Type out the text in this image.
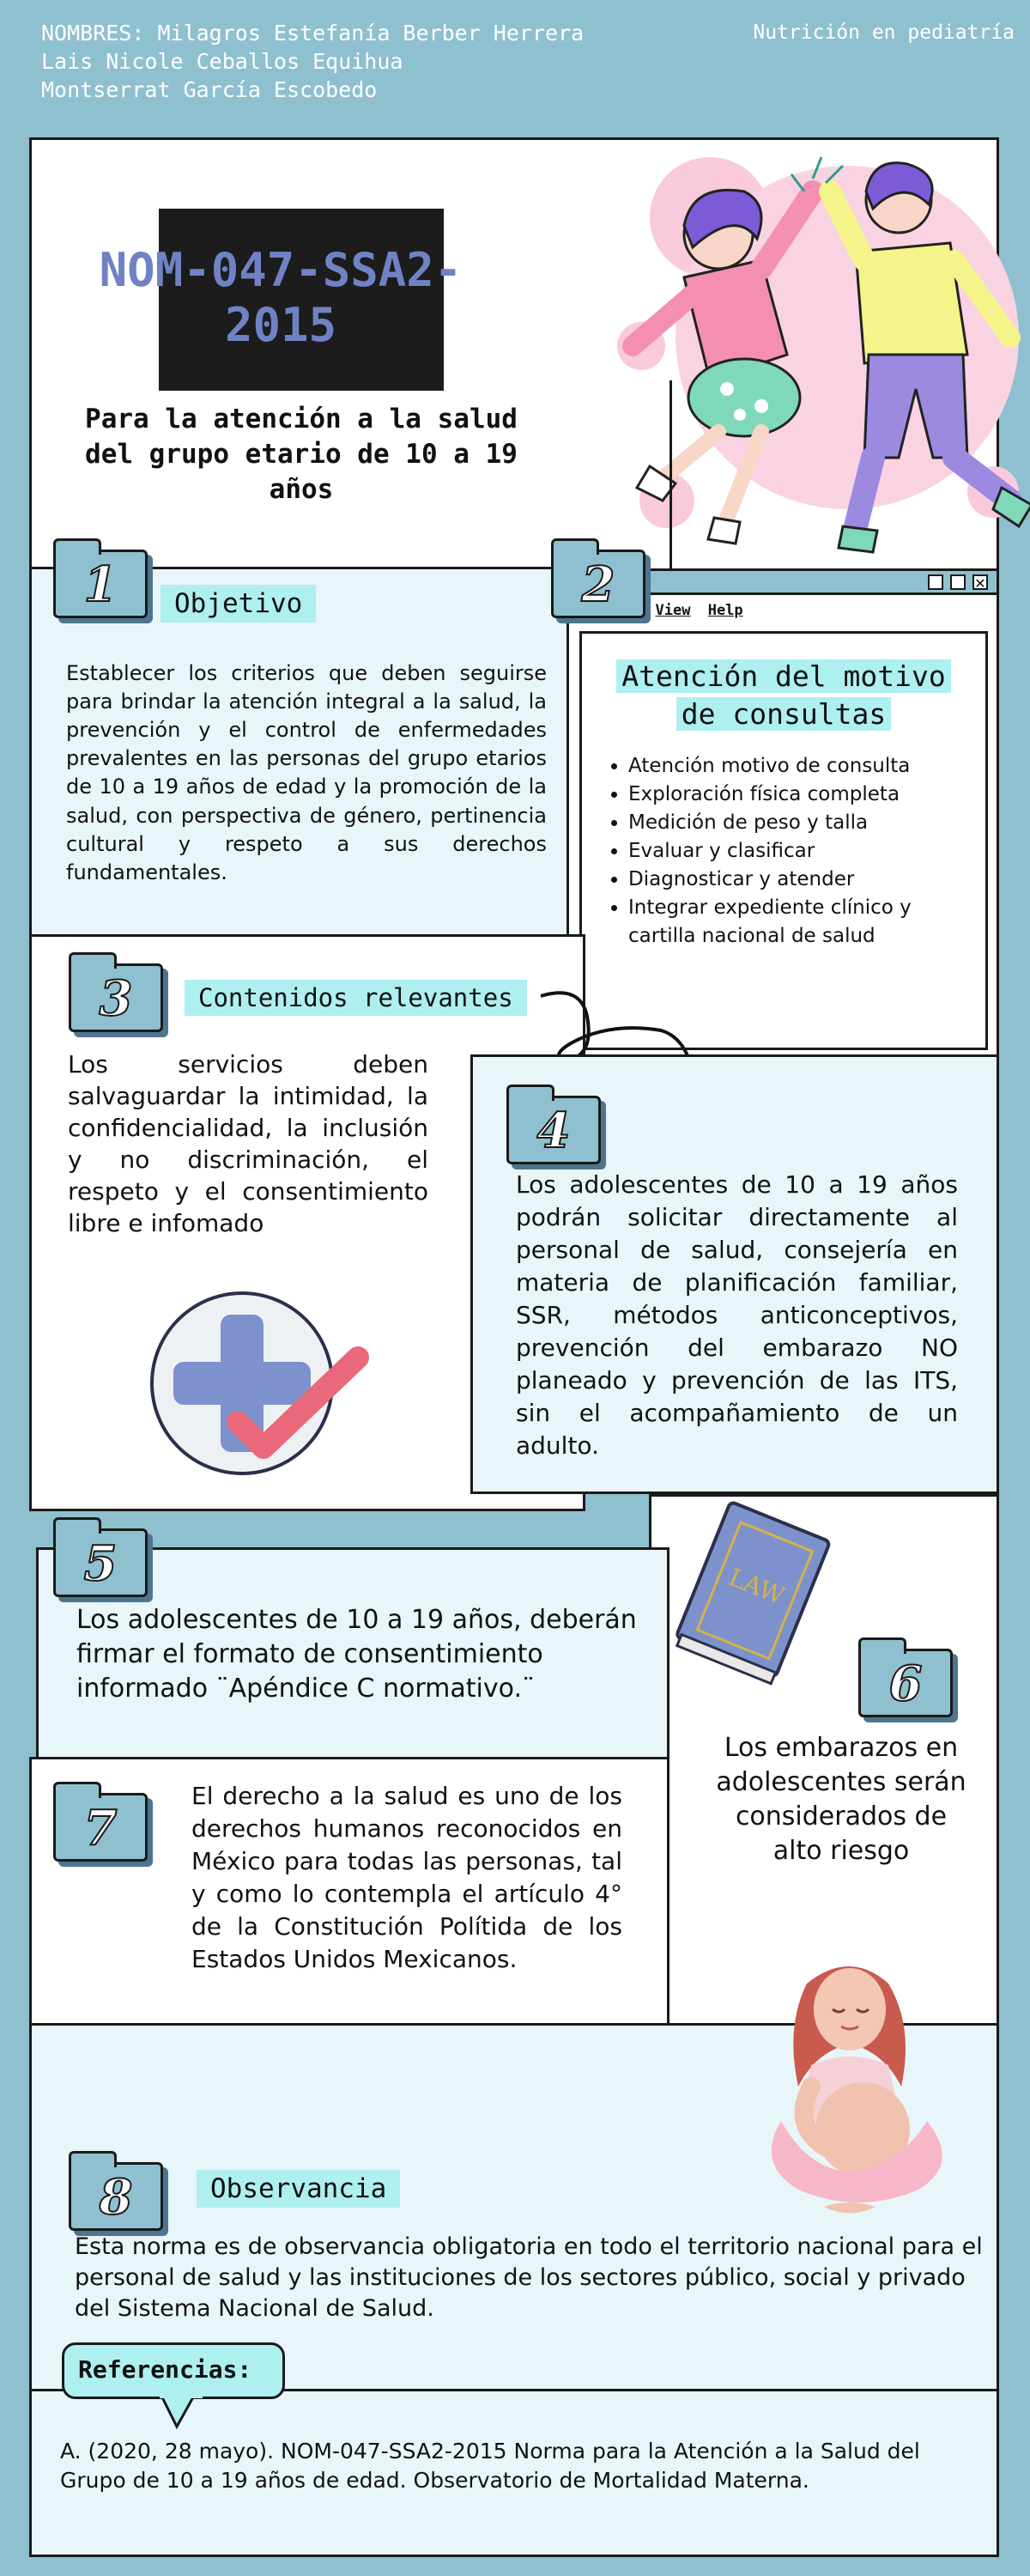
NOMBRES: Milagros Estefanía Berber Herrera
Lais Nicole Ceballos Equihua
Montserrat García Escobedo
Nutrición en pediatría
NOM-047-SSA2-
2015
Para la atención a la salud del grupo etario de 10 a 19 años
Objetivo
Establecer los criterios que deben seguirse para brindar la atención integral a la salud, la prevención y el control de enfermedades prevalentes en las personas del grupo etarios de 10 a 19 años de edad y la promoción de la salud, con perspectiva de género, pertinencia cultural y respeto a sus derechos fundamentales.
1	✕
View Help
Atención del motivo
de consultas
• Atención motivo de consulta
• Exploración física completa
• Medición de peso y talla
• Evaluar y clasificar
• Diagnosticar y atender
• Integrar expediente clínico y cartilla nacional de salud
2
Contenidos relevantes
Los servicios deben salvaguardar la intimidad, la confidencialidad, la inclusión y no discriminación, el respeto y el consentimiento libre e infomado
3
Los adolescentes de 10 a 19 años podrán solicitar directamente al personal de salud, consejería en materia de planificación familiar, SSR, métodos anticonceptivos, prevención del embarazo NO planeado y prevención de las ITS, sin el acompañamiento de un adulto.
4
LAW
6
Los embarazos en adolescentes serán considerados de alto riesgo
Los adolescentes de 10 a 19 años, deberán firmar el formato de consentimiento informado ¨Apéndice C normativo.¨
5
El derecho a la salud es uno de los derechos humanos reconocidos en México para todas las personas, tal y como lo contempla el artículo 4° de la Constitución Polítida de los Estados Unidos Mexicanos.
7
Observancia
Esta norma es de observancia obligatoria en todo el territorio nacional para el personal de salud y las instituciones de los sectores público, social y privado del Sistema Nacional de Salud.
8
Referencias:
A. (2020, 28 mayo). NOM-047-SSA2-2015 Norma para la Atención a la Salud del Grupo de 10 a 19 años de edad. Observatorio de Mortalidad Materna.
